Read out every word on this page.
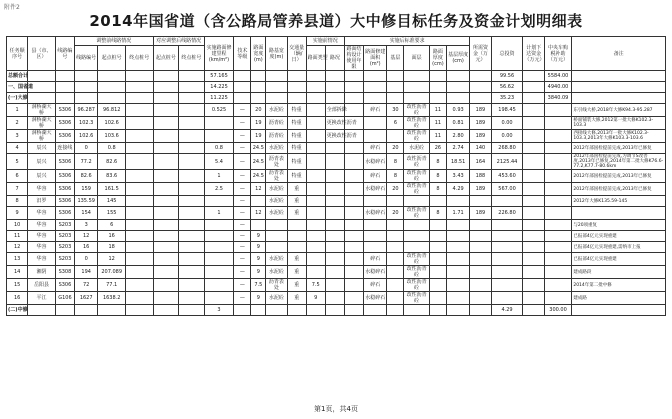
附件2
2014年国省道（含公路局管养县道）大中修目标任务及资金计划明细表
任务顺序号	县（市、区）	线路编号	调整前线路情况			对应调整后线路情况		实施路面修建里程(km/m²)	技术等级	路面宽度(m)	路基宽度(m)	交通量（辆/日）	实施前情况		实施后标准要求						所需资金（万元）	总投资	计划下达资金（万元）	中央车购税补助（万元）	备注
			线路编号	起点桩号	终点桩号	起点桩号	终点桩号						路面类型	路况	路面结构设计使用年限	路面修建面积(m²)	基层	面层	路面厚度(cm)	基层厚度(cm)					
总额合计								57.165														99.56		5584.00	
一、国省道								14.225														56.62		4940.00	
(一)大修								11.225														35.23		3840.09	
1	洞桥湖大桥	S306	96.287	96.812				0.525	—	20	水泥砼	特重		全部拆除		碎石	30	改性沥青砼	11	0.93	189	198.45			东引线大桥,2018年大修K94.3-95.287
2	洞桥湖大桥	S306	102.3	102.6					—	19	沥青砼	特重		更换改性沥青			6	改性沥青砼	11	0.81	189	0.00			桥面铺装大修,2012第一批大修K102.3-103.3
3	洞桥湖大桥	S306	102.6	103.6					—	19	沥青砼	特重		更换改性沥青				改性沥青砼	11	2.80	189	0.00			西接线大修,2013年一批大修K102.3-103.3,2013年大修K103.3-103.6
4	辰兴	连接线	0	0.8				0.8	—	24.5	水泥砼	特重				碎石	20	水泥砼	26	2.74	140	268.80			2012年部国检提前完成,2013年已修复
5	辰兴	S306	77.2	82.6				5.4	—	24.5	沥青表处	特重				水稳碎石	8	改性沥青砼	8	18.51	164	2125.44			2012年部国检提前完成,为调节S改善度,2013年已修复,2014年第二批大修K76.6-77.2,K77.7-80.6km
6	辰兴	S306	82.6	83.6				1	—	24.5	沥青表处	特重				碎石	8	改性沥青砼	8	3.43	188	453.60			2012年部国检提前完成,2013年已修复
7	华容	S306	159	161.5				2.5	—	12	水泥砼	重				水稳碎石	20	改性沥青砼	8	4.29	189	567.00			2012年部国检提前完成,2013年已修复
8	汨罗	S306	135.59	145					—		水泥砼	重													2012年大修K135.59-145
9	华容	S306	154	155				1	—	12	水泥砼	重				水稳碎石	20	改性沥青砼	8	1.71	189	226.80			
10	华容	S203	3	6					—																与20项重复
11	华容	S203	12	16					—	9															已报部4亿元实现重建
12	华容	S203	16	18					—	9															已报部4亿元实现重建,需纳市上报
13	华容	S203	0	12					—	9	水泥砼	重				碎石		改性沥青砼							已报部4亿元实现重建
14	湘阴	S308	194	207.089					—	9	水泥砼	重				水稳碎石		改性沥青砼							建成路段
15	岳阳县	S306	72	77.1					—	7.5	沥青表处	重	7.5			碎石		改性沥青砼							2014年第二批中修
16	平江	G106	1627	1638.2					—	9	水泥砼	重	9			水稳碎石		改性沥青砼							建成路
(二)中修								3														4.29		300.00	
第1页，共4页
